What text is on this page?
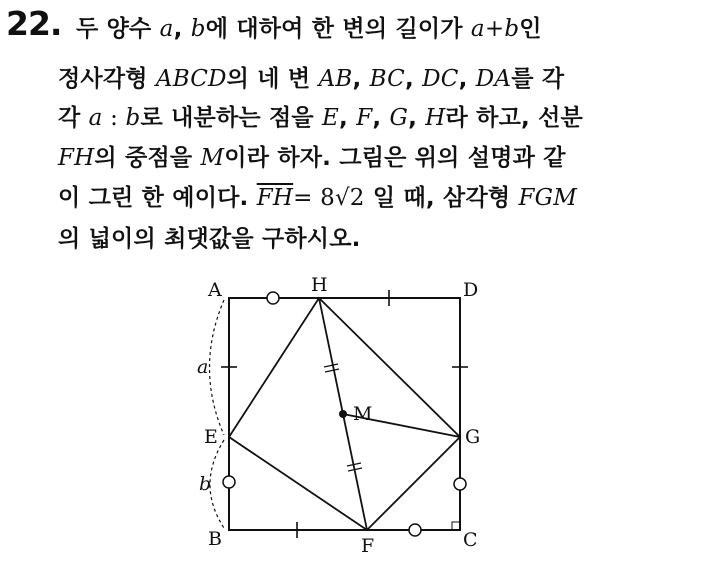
22. 두 양수 a, b에 대하여 한 변의 길이가 a+b인
정사각형 ABCD의 네 변 AB, BC, DC, DA를 각
각 a : b로 내분하는 점을 E, F, G, H라 하고, 선분
FH의 중점을 M이라 하자. 그림은 위의 설명과 같
이 그린 한 예이다. $\overline{FH}= 8√2$ 일 때, 삼각형 FGM
의 넓이의 최댓값을 구하시오.
A	H	D
E	G
M
B	F	C
a
b
